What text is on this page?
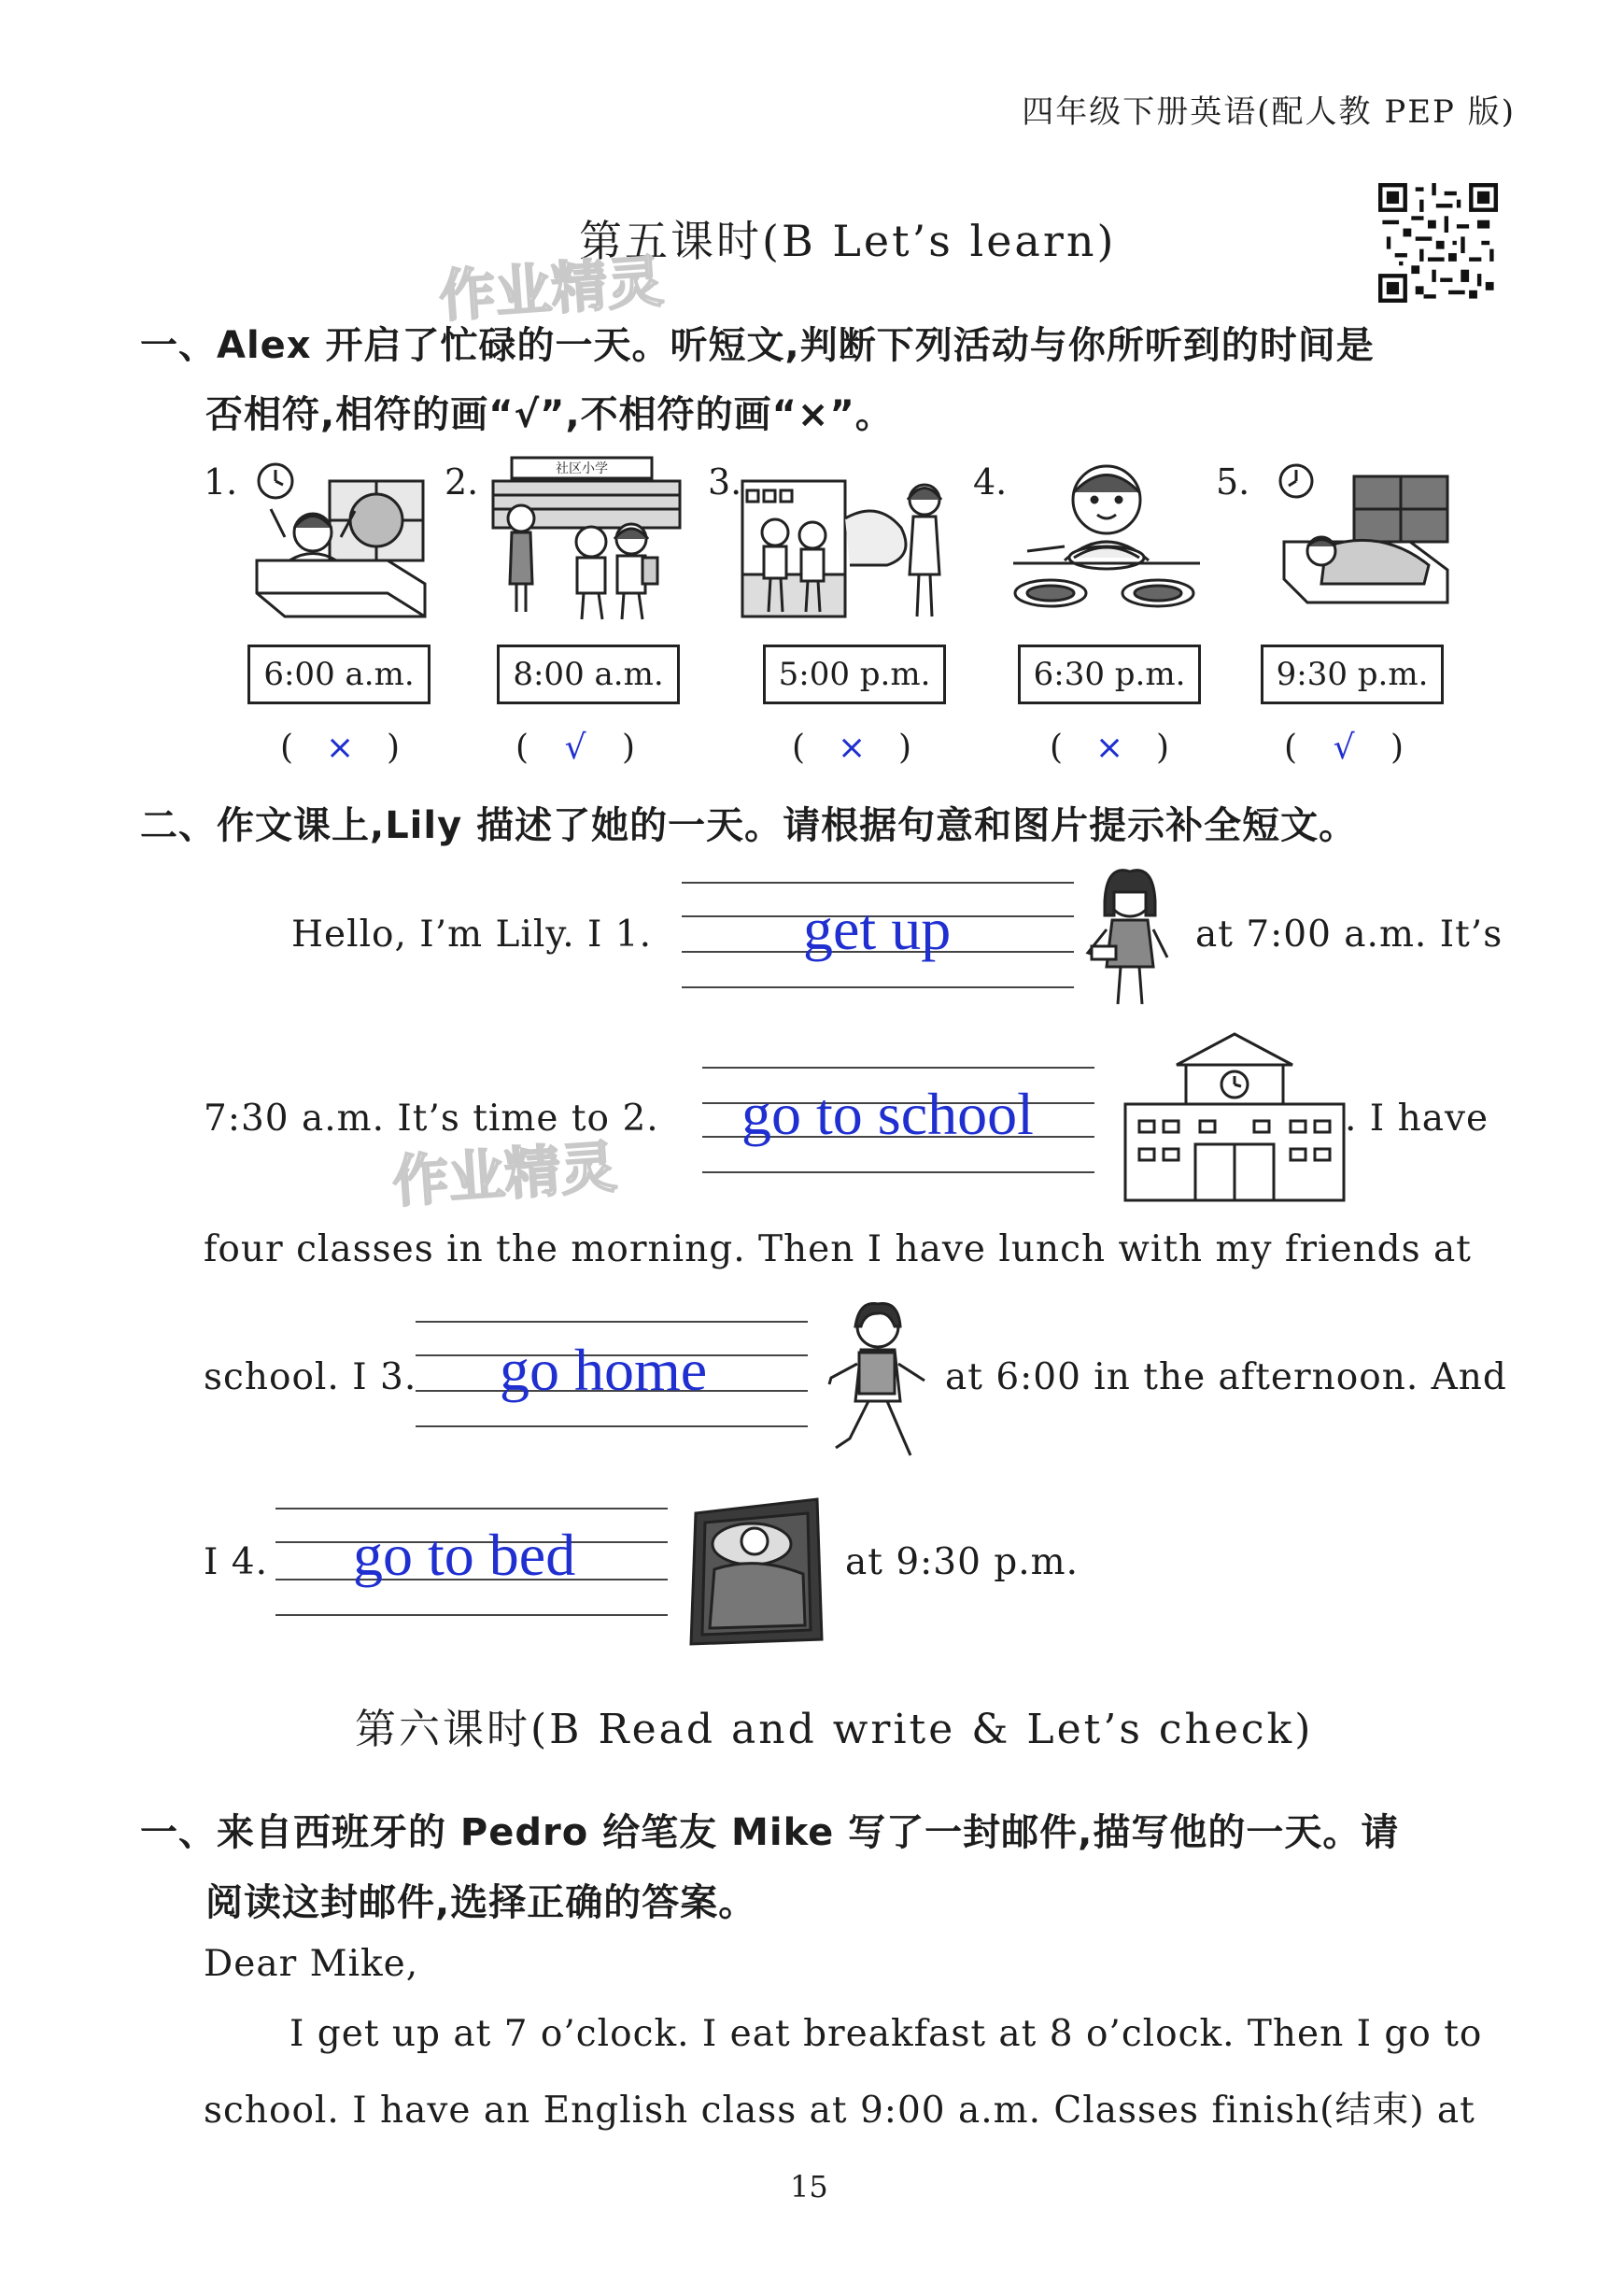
四年级下册英语(配人教 PEP 版)
第五课时(B Let’s learn)
作业精灵
作业精灵
一、Alex 开启了忙碌的一天。听短文,判断下列活动与你所听到的时间是
否相符,相符的画“√”,不相符的画“×”。
1.	2.	3.	4.	5.
社区小学
6:00 a.m.	8:00 a.m.	5:00 p.m.	6:30 p.m.	9:30 p.m.
( × )	( √ )	( × )	( × )	( √ )
二、作文课上,Lily 描述了她的一天。请根据句意和图片提示补全短文。
Hello, I’m Lily. I 1.	get up	at 7:00 a.m. It’s
7:30 a.m. It’s time to 2. go to school	. I have
four classes in the morning. Then I have lunch with my friends at
school. I 3. go home	at 6:00 in the afternoon. And
I 4. go to bed	at 9:30 p.m.
第六课时(B Read and write & Let’s check)
一、来自西班牙的 Pedro 给笔友 Mike 写了一封邮件,描写他的一天。请
阅读这封邮件,选择正确的答案。
Dear Mike,
I get up at 7 o’clock. I eat breakfast at 8 o’clock. Then I go to
school. I have an English class at 9:00 a.m. Classes finish(结束) at
15
